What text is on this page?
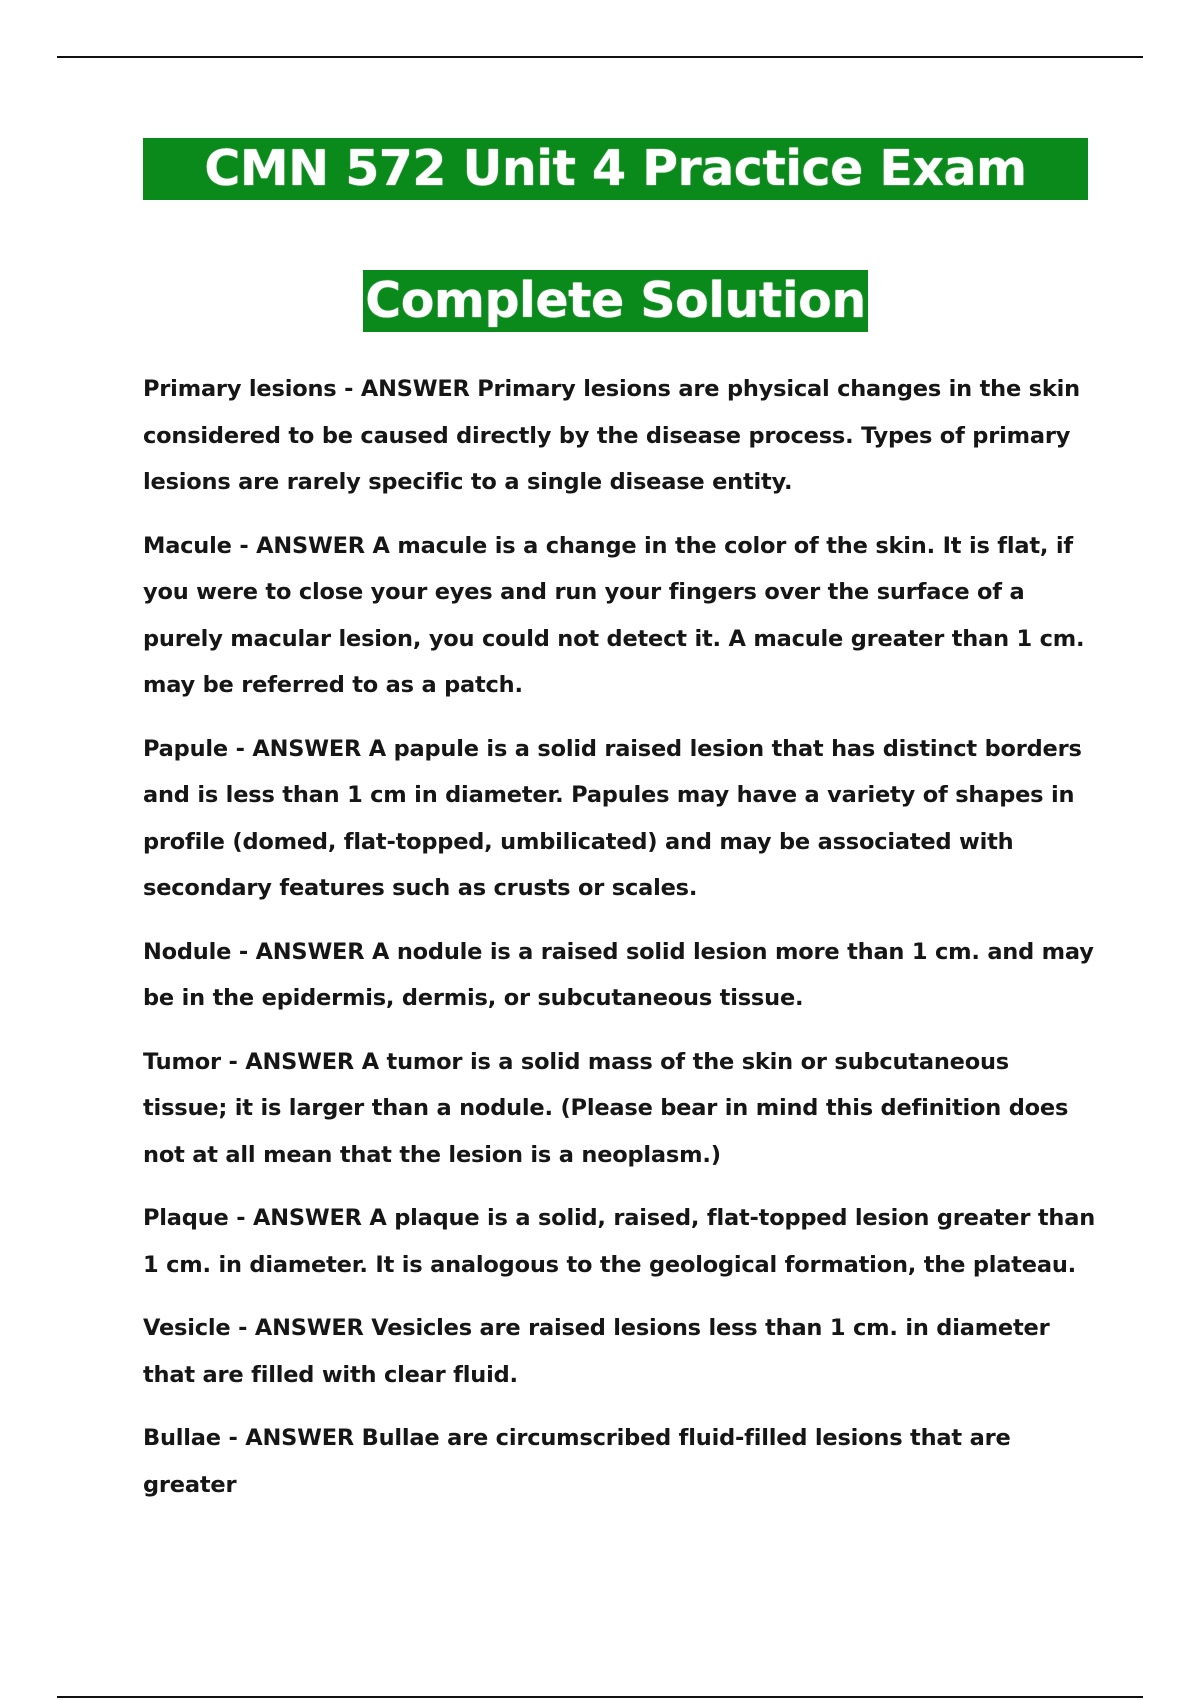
CMN 572 Unit 4 Practice Exam With
Complete Solution

Primary lesions - ANSWER Primary lesions are physical changes in the skin considered to be caused directly by the disease process. Types of primary lesions are rarely specific to a single disease entity.

Macule - ANSWER A macule is a change in the color of the skin. It is flat, if you were to close your eyes and run your fingers over the surface of a purely macular lesion, you could not detect it. A macule greater than 1 cm. may be referred to as a patch.

Papule - ANSWER A papule is a solid raised lesion that has distinct borders and is less than 1 cm in diameter. Papules may have a variety of shapes in profile (domed, flat-topped, umbilicated) and may be associated with secondary features such as crusts or scales.

Nodule - ANSWER A nodule is a raised solid lesion more than 1 cm. and may be in the epidermis, dermis, or subcutaneous tissue.

Tumor - ANSWER A tumor is a solid mass of the skin or subcutaneous tissue; it is larger than a nodule. (Please bear in mind this definition does not at all mean that the lesion is a neoplasm.)

Plaque - ANSWER A plaque is a solid, raised, flat-topped lesion greater than 1 cm. in diameter. It is analogous to the geological formation, the plateau.

Vesicle - ANSWER Vesicles are raised lesions less than 1 cm. in diameter that are filled with clear fluid.

Bullae - ANSWER Bullae are circumscribed fluid-filled lesions that are greater
